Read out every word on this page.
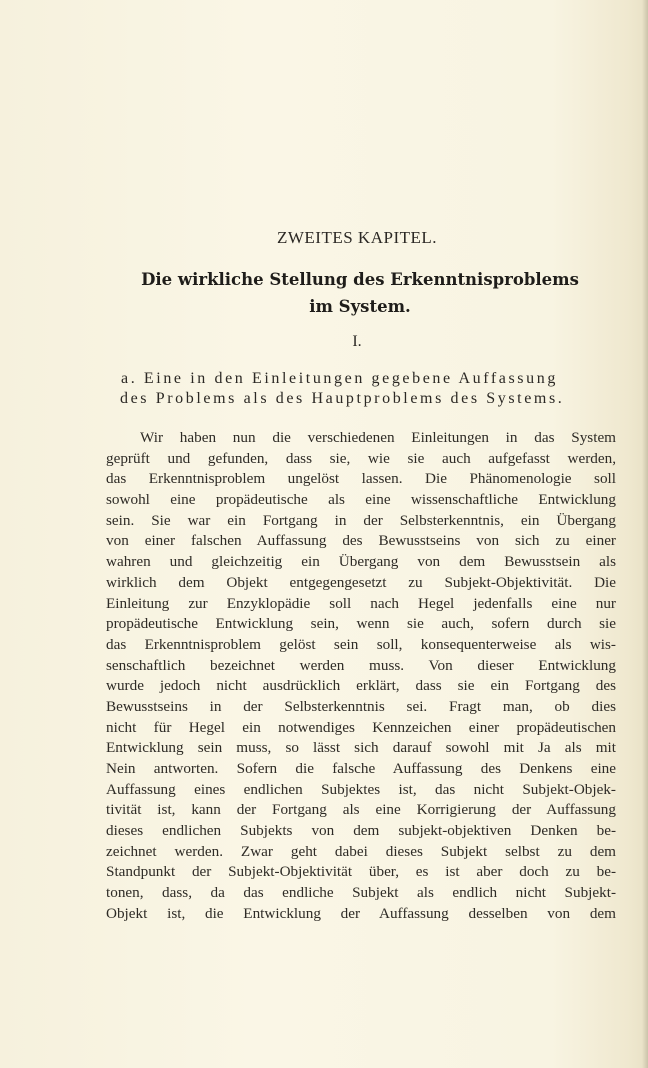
ZWEITES KAPITEL.
Die wirkliche Stellung des Erkenntnisproblems
im System.
I.
a. Eine in den Einleitungen gegebene Auffassung
des Problems als des Hauptproblems des Systems.
Wir haben nun die verschiedenen Einleitungen in das System
geprüft und gefunden, dass sie, wie sie auch aufgefasst werden,
das Erkenntnisproblem ungelöst lassen. Die Phänomenologie soll
sowohl eine propädeutische als eine wissenschaftliche Entwicklung
sein. Sie war ein Fortgang in der Selbsterkenntnis, ein Übergang
von einer falschen Auffassung des Bewusstseins von sich zu einer
wahren und gleichzeitig ein Übergang von dem Bewusstsein als
wirklich dem Objekt entgegengesetzt zu Subjekt-Objektivität. Die
Einleitung zur Enzyklopädie soll nach Hegel jedenfalls eine nur
propädeutische Entwicklung sein, wenn sie auch, sofern durch sie
das Erkenntnisproblem gelöst sein soll, konsequenterweise als wis-
senschaftlich bezeichnet werden muss. Von dieser Entwicklung
wurde jedoch nicht ausdrücklich erklärt, dass sie ein Fortgang des
Bewusstseins in der Selbsterkenntnis sei. Fragt man, ob dies
nicht für Hegel ein notwendiges Kennzeichen einer propädeutischen
Entwicklung sein muss, so lässt sich darauf sowohl mit Ja als mit
Nein antworten. Sofern die falsche Auffassung des Denkens eine
Auffassung eines endlichen Subjektes ist, das nicht Subjekt-Objek-
tivität ist, kann der Fortgang als eine Korrigierung der Auffassung
dieses endlichen Subjekts von dem subjekt-objektiven Denken be-
zeichnet werden. Zwar geht dabei dieses Subjekt selbst zu dem
Standpunkt der Subjekt-Objektivität über, es ist aber doch zu be-
tonen, dass, da das endliche Subjekt als endlich nicht Subjekt-
Objekt ist, die Entwicklung der Auffassung desselben von dem
